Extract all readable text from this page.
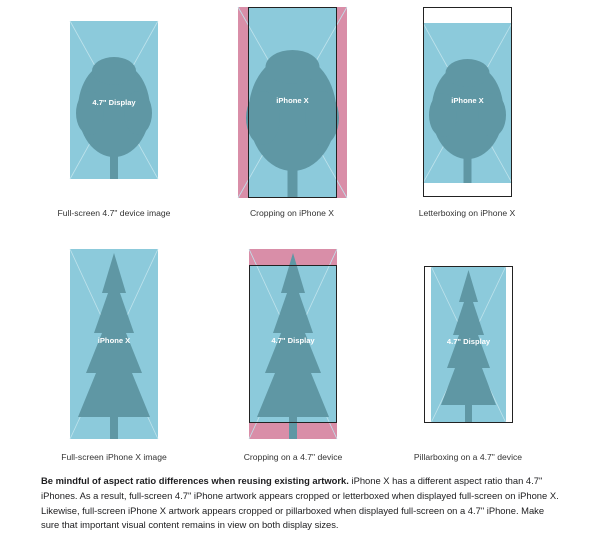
4.7" Display
Full-screen 4.7" device image
iPhone X
Cropping on iPhone X
iPhone X
Letterboxing on iPhone X
iPhone X
Full-screen iPhone X image
4.7" Display
Cropping on a 4.7" device
4.7" Display
Pillarboxing on a 4.7" device
Be mindful of aspect ratio differences when reusing existing artwork. iPhone X has a different aspect ratio than 4.7" iPhones. As a result, full-screen 4.7" iPhone artwork appears cropped or letterboxed when displayed full-screen on iPhone X. Likewise, full-screen iPhone X artwork appears cropped or pillarboxed when displayed full-screen on a 4.7" iPhone. Make sure that important visual content remains in view on both display sizes.
